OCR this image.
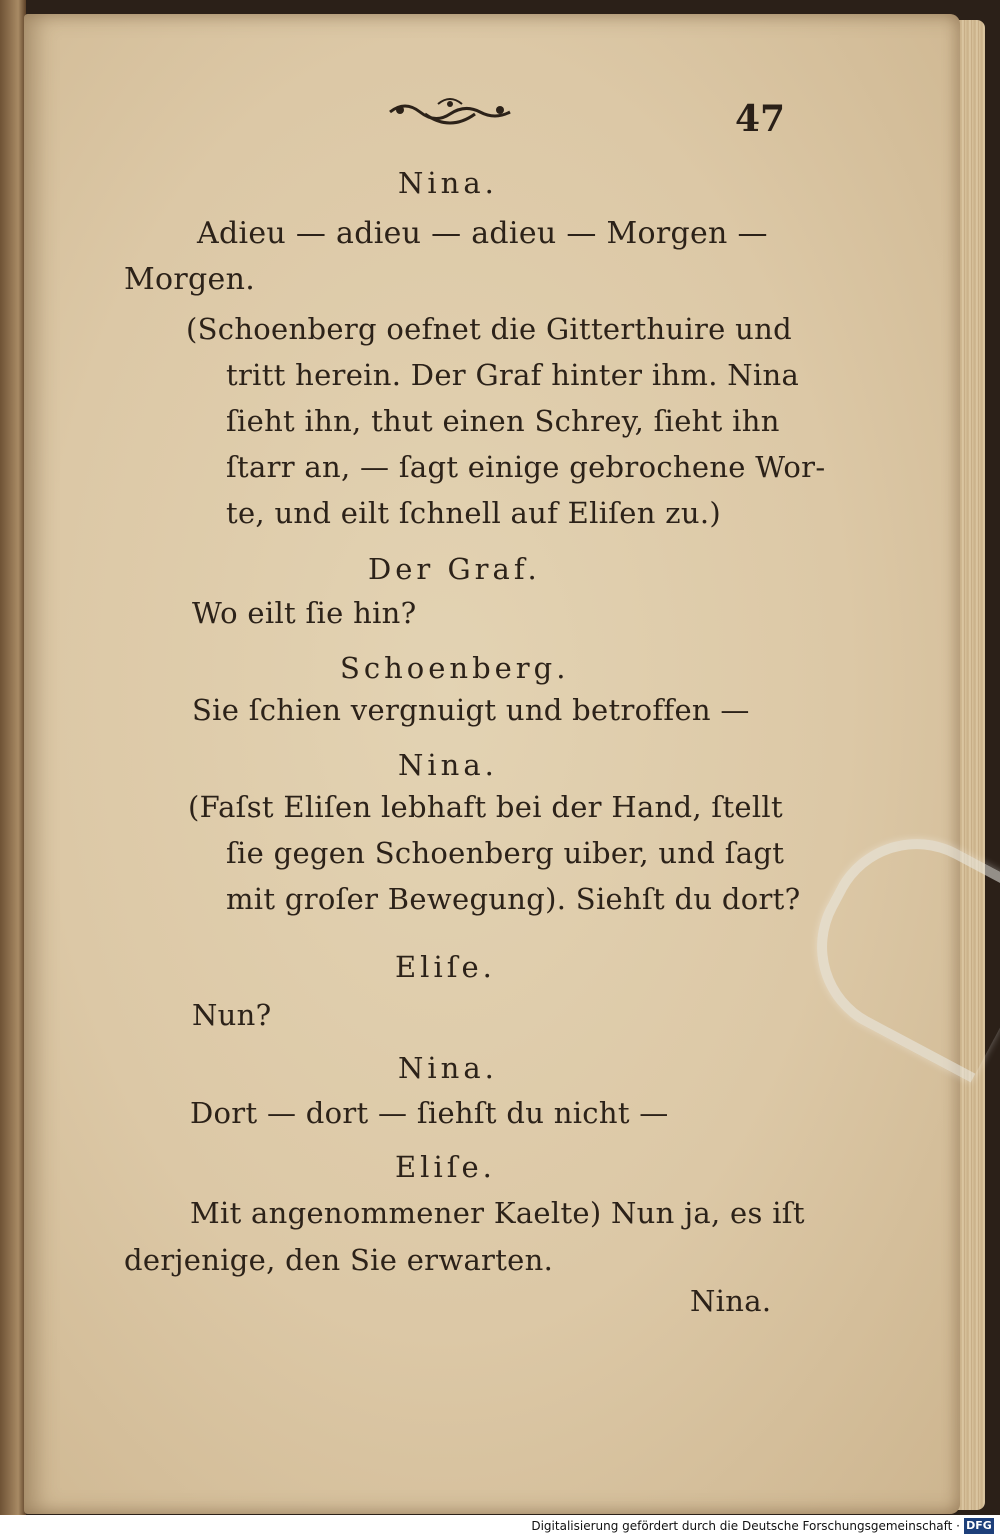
47
Nina.
Adieu — adieu — adieu — Morgen —
Morgen.
(Schoenberg oefnet die Gitterthuire und
tritt herein. Der Graf hinter ihm. Nina
ſieht ihn, thut einen Schrey, ſieht ihn
ſtarr an, — ſagt einige gebrochene Wor-
te, und eilt ſchnell auf Eliſen zu.)
Der Graf.
Wo eilt ſie hin?
Schoenberg.
Sie ſchien vergnuigt und betroffen —
Nina.
(Faſst Eliſen lebhaft bei der Hand, ſtellt
ſie gegen Schoenberg uiber, und ſagt
mit groſer Bewegung). Siehſt du dort?
Eliſe.
Nun?
Nina.
Dort — dort — ſiehſt du nicht —
Eliſe.
Mit angenommener Kaelte) Nun ja, es iſt
derjenige, den Sie erwarten.
Nina.
Digitalisierung gefördert durch die Deutsche Forschungsgemeinschaft · DFG
